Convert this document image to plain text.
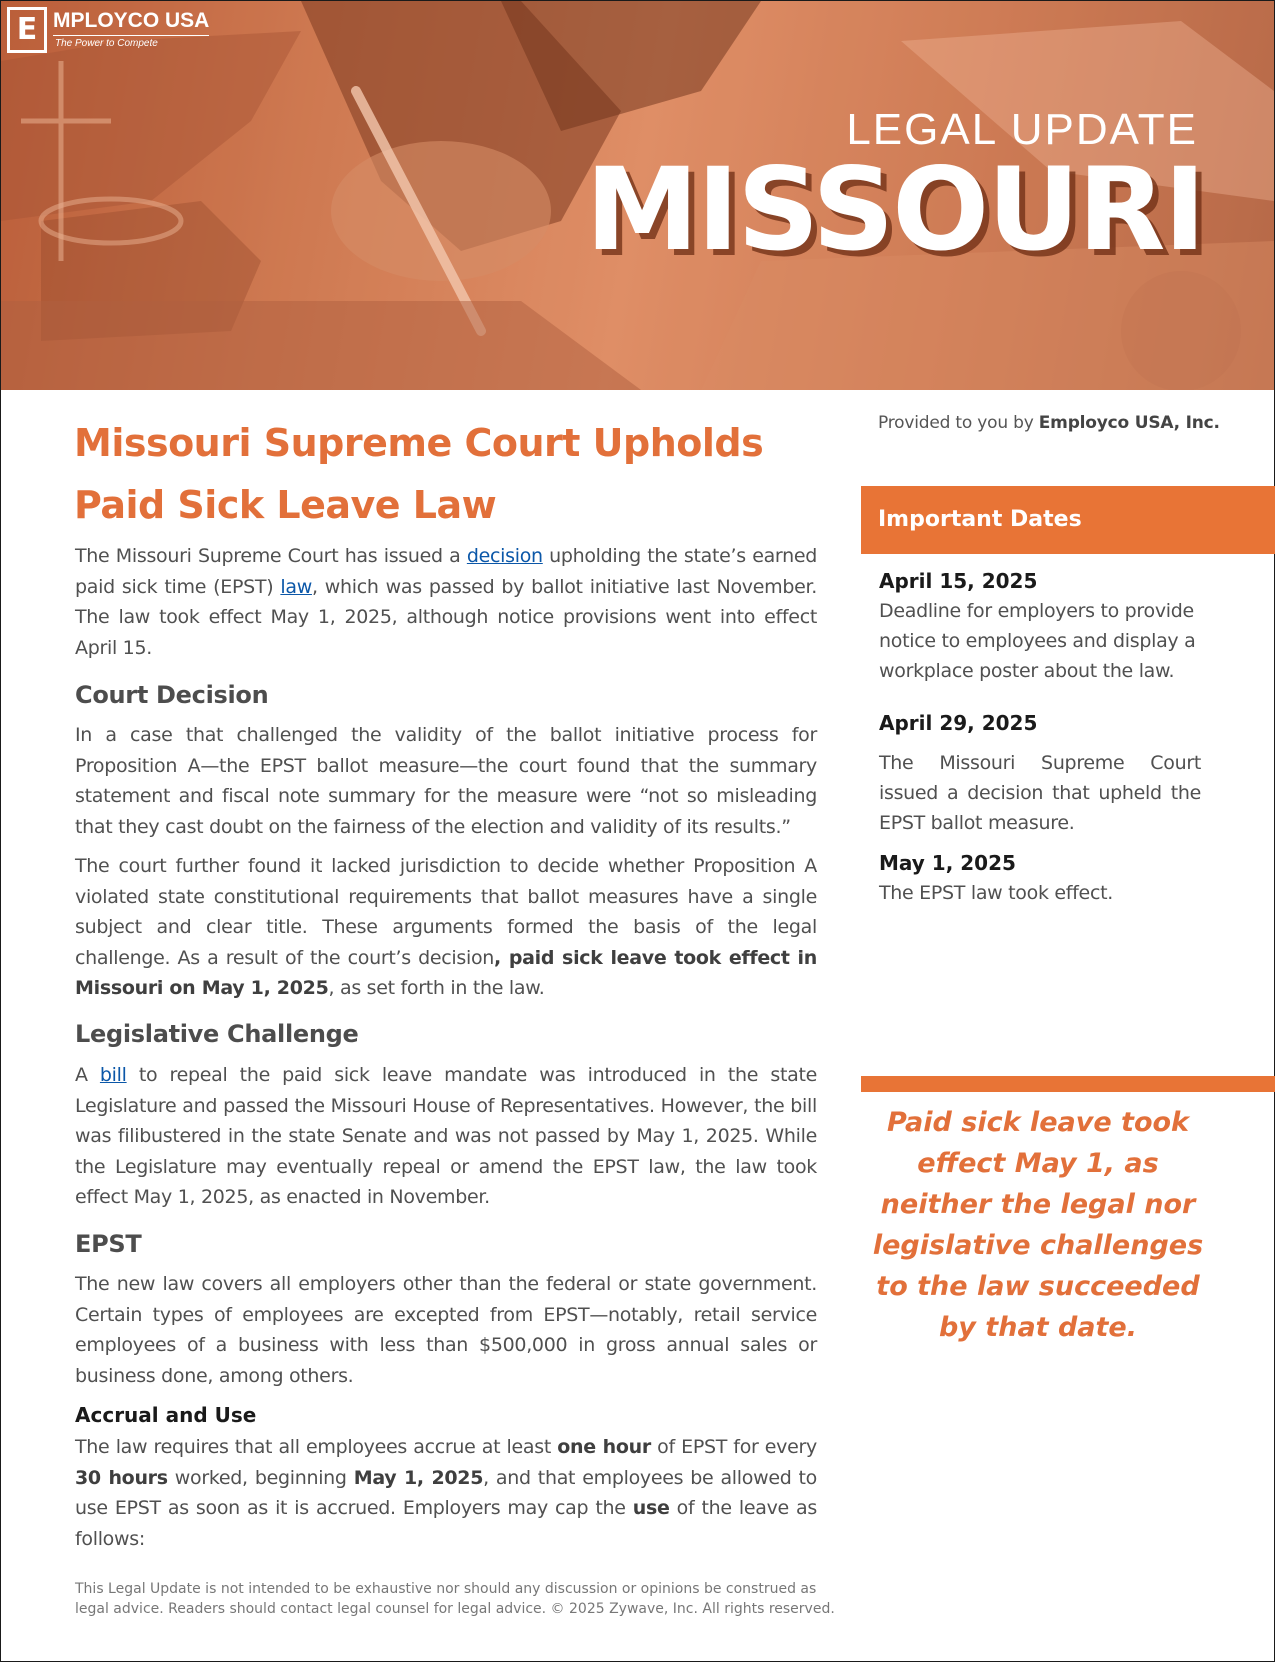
E MPLOYCO USA
The Power to Compete
LEGAL UPDATE
MISSOURI
Missouri Supreme Court Upholds Paid Sick Leave Law

The Missouri Supreme Court has issued a decision upholding the state’s earned paid sick time (EPST) law, which was passed by ballot initiative last November. The law took effect May 1, 2025, although notice provisions went into effect April 15.

Court Decision

In a case that challenged the validity of the ballot initiative process for Proposition A—the EPST ballot measure—the court found that the summary statement and fiscal note summary for the measure were “not so misleading that they cast doubt on the fairness of the election and validity of its results.”

The court further found it lacked jurisdiction to decide whether Proposition A violated state constitutional requirements that ballot measures have a single subject and clear title. These arguments formed the basis of the legal challenge. As a result of the court’s decision, paid sick leave took effect in Missouri on May 1, 2025, as set forth in the law.

Legislative Challenge

A bill to repeal the paid sick leave mandate was introduced in the state Legislature and passed the Missouri House of Representatives. However, the bill was filibustered in the state Senate and was not passed by May 1, 2025. While the Legislature may eventually repeal or amend the EPST law, the law took effect May 1, 2025, as enacted in November.

EPST

The new law covers all employers other than the federal or state government. Certain types of employees are excepted from EPST—notably, retail service employees of a business with less than $500,000 in gross annual sales or business done, among others.

Accrual and Use

The law requires that all employees accrue at least one hour of EPST for every 30 hours worked, beginning May 1, 2025, and that employees be allowed to use EPST as soon as it is accrued. Employers may cap the use of the leave as follows:

Provided to you by Employco USA, Inc.
Important Dates
April 15, 2025

Deadline for employers to provide notice to employees and display a workplace poster about the law.

April 29, 2025

The Missouri Supreme Court issued a decision that upheld the EPST ballot measure.

May 1, 2025

The EPST law took effect.

Paid sick leave took effect May 1, as neither the legal nor legislative challenges to the law succeeded by that date.

This Legal Update is not intended to be exhaustive nor should any discussion or opinions be construed as legal advice. Readers should contact legal counsel for legal advice. © 2025 Zywave, Inc. All rights reserved.
